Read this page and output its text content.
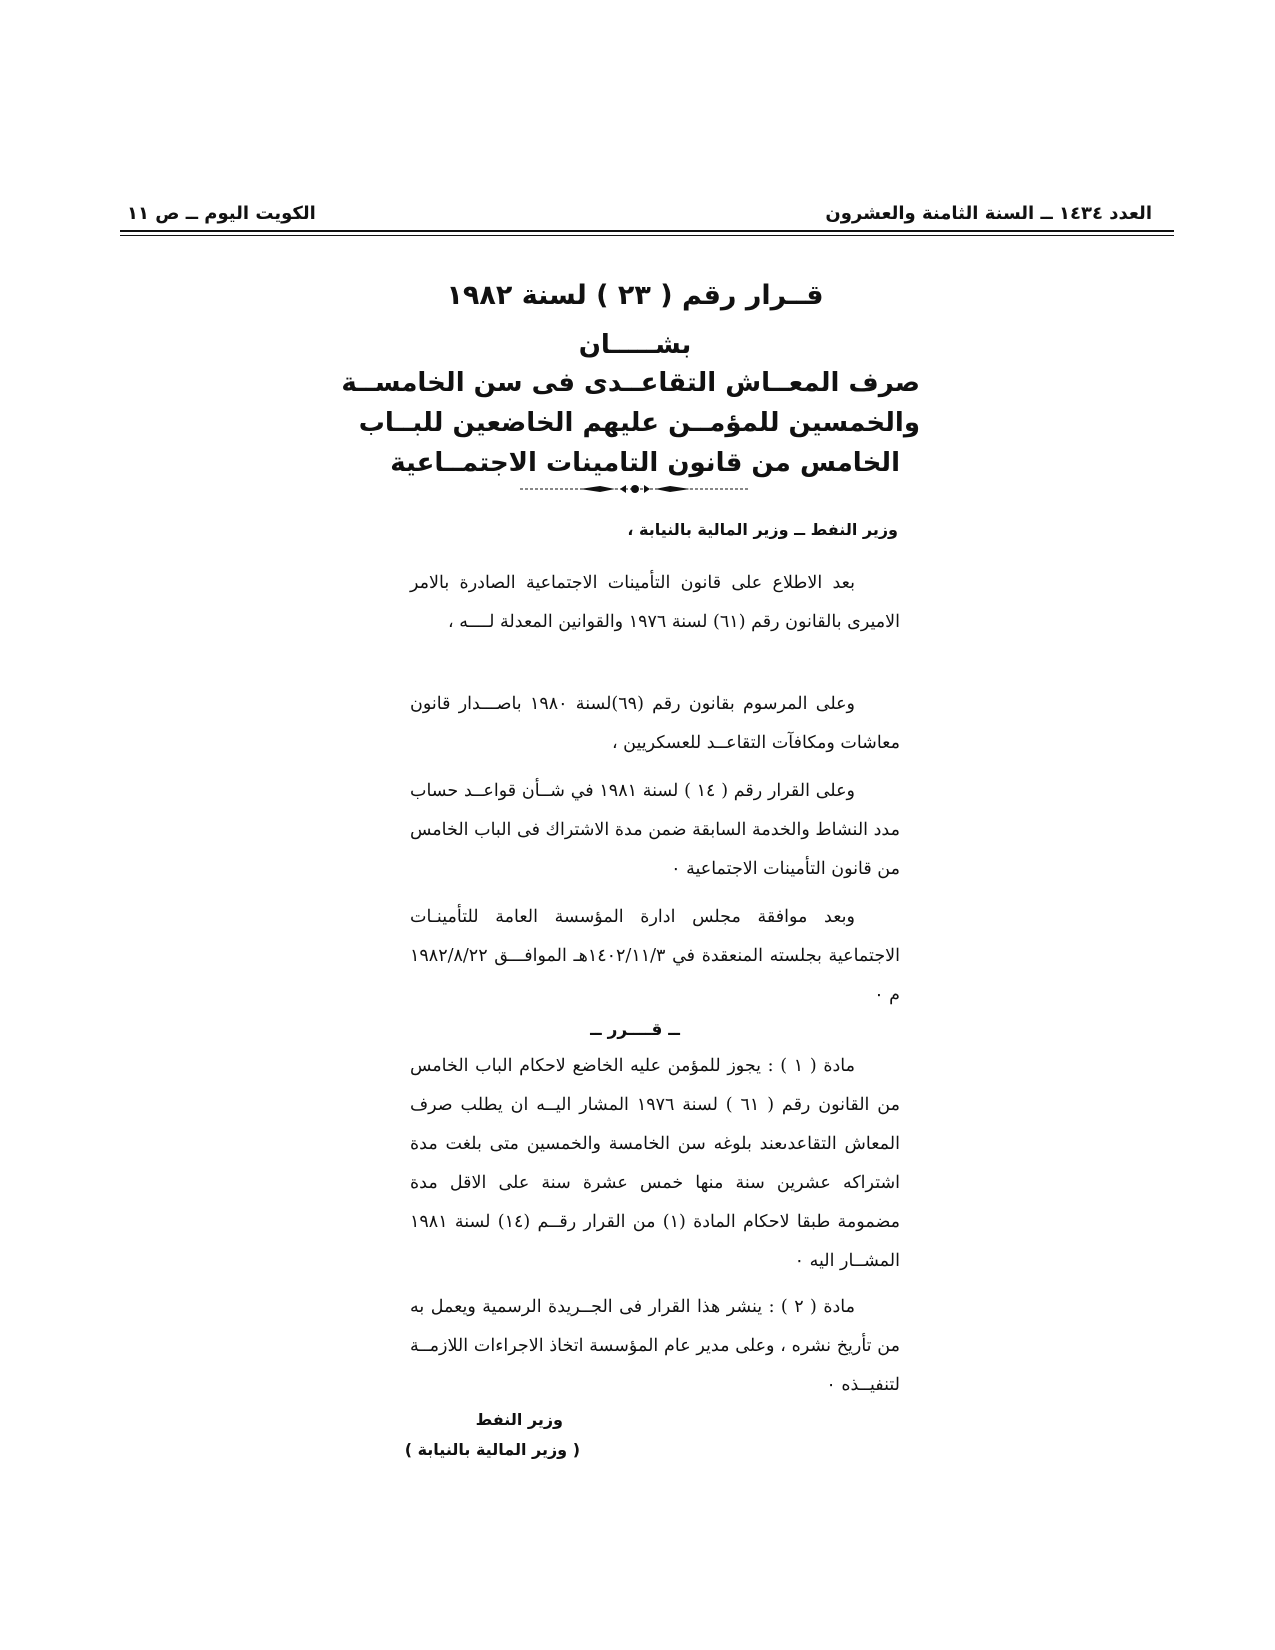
العدد ١٤٣٤ ــ السنة الثامنة والعشرون
الكويت اليوم ــ ص ١١
قــرار رقم ( ٢٣ ) لسنة ١٩٨٢
بشـــــان
صرف المعــاش التقاعــدى فى سن الخامســة
والخمسين للمؤمــن عليهم الخاضعين للبــاب
الخامس من قانون التامينات الاجتمــاعية
وزير النفط ــ وزير المالية بالنيابة ،

بعد الاطلاع على قانون التأمينات الاجتماعية الصادرة بالامر الاميرى بالقانون رقم (٦١) لسنة ١٩٧٦ والقوانين المعدلة لــــه ،

وعلى المرسوم بقانون رقم (٦٩)لسنة ١٩٨٠ باصـــدار قانون معاشات ومكافآت التقاعــد للعسكريين ،

وعلى القرار رقم ( ١٤ ) لسنة ١٩٨١ في شــأن قواعــد حساب مدد النشاط والخدمة السابقة ضمن مدة الاشتراك فى الباب الخامس من قانون التأمينات الاجتماعية ٠

وبعد موافقة مجلس ادارة المؤسسة العامة للتأمينـات الاجتماعية بجلسته المنعقدة في ١٤٠٢/١١/٣هـ الموافـــق ١٩٨٢/٨/٢٢ م ٠

ــ قــــرر ــ

مادة ( ١ ) : يجوز للمؤمن عليه الخاضع لاحكام الباب الخامس من القانون رقم ( ٦١ ) لسنة ١٩٧٦ المشار اليــه ان يطلب صرف المعاش التقاعدىعند بلوغه سن الخامسة والخمسين متى بلغت مدة اشتراكه عشرين سنة منها خمس عشرة سنة على الاقل مدة مضمومة طبقا لاحكام المادة (١) من القرار رقــم (١٤) لسنة ١٩٨١ المشــار اليه ٠

مادة ( ٢ ) : ينشر هذا القرار فى الجــريدة الرسمية ويعمل به من تأريخ نشره ، وعلى مدير عام المؤسسة اتخاذ الاجراءات اللازمــة لتنفيــذه ٠

وزير النفط
( وزير المالية بالنيابة )
